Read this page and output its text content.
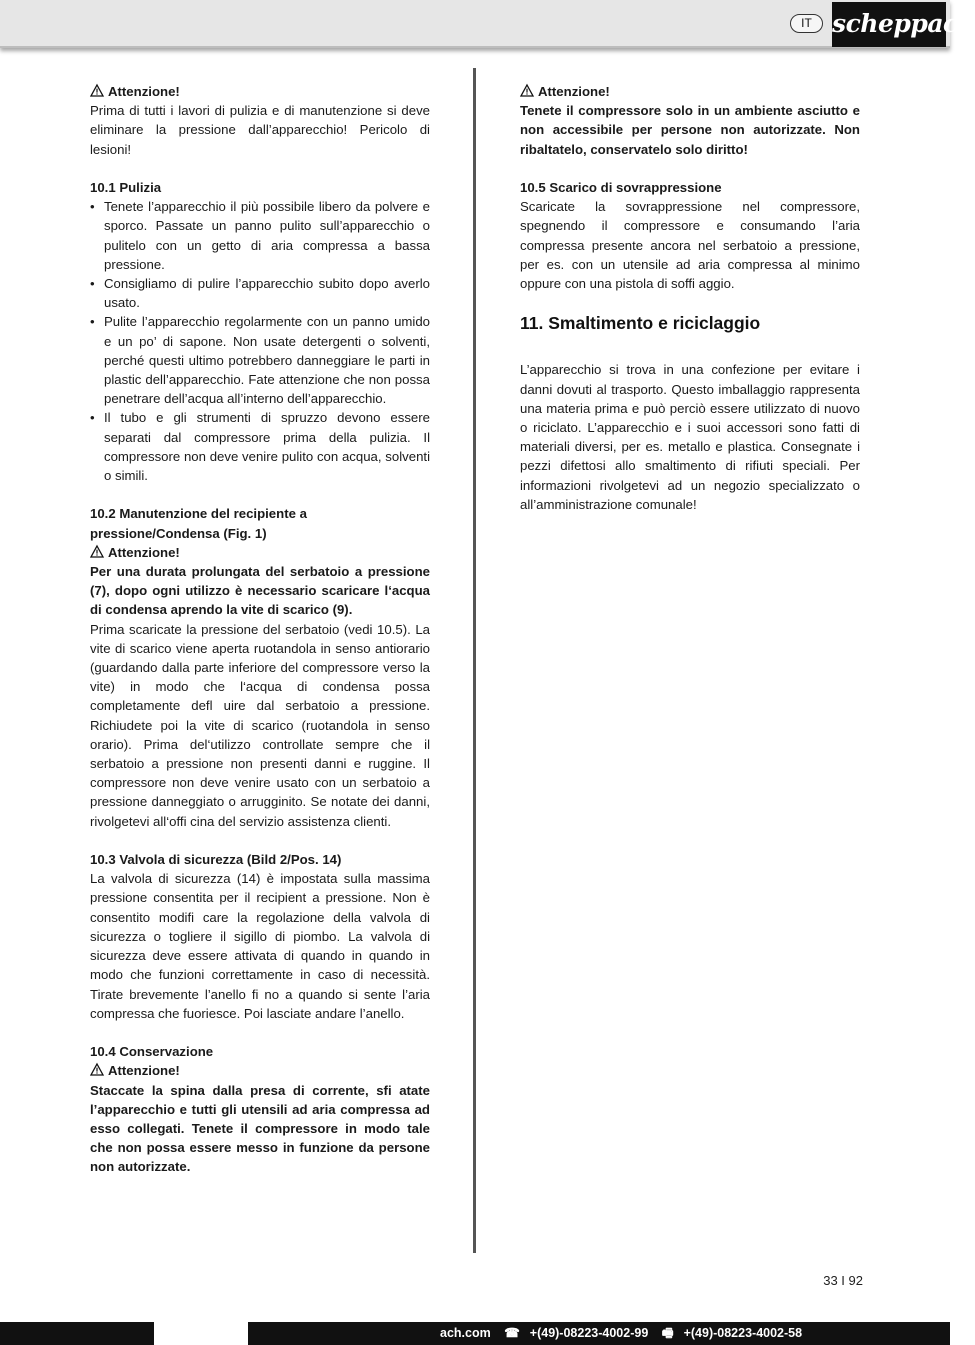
IT scheppach
Attenzione!

Prima di tutti i lavori di pulizia e di manutenzione si deve eliminare la pressione dall’apparecchio! Pericolo di lesioni!

10.1 Pulizia
• Tenete l’apparecchio il più possibile libero da polvere e sporco. Passate un panno pulito sull’apparecchio o pulitelo con un getto di aria compressa a bassa pressione.
• Consigliamo di pulire l’apparecchio subito dopo averlo usato.
• Pulite l’apparecchio regolarmente con un panno umido e un po’ di sapone. Non usate detergenti o solventi, perché questi ultimo potrebbero danneggiare le parti in plastic dell’apparecchio. Fate attenzione che non possa penetrare dell’acqua all’interno dell’apparecchio.
• Il tubo e gli strumenti di spruzzo devono essere separati dal compressore prima della pulizia. Il compressore non deve venire pulito con acqua, solventi o simili.
10.2 Manutenzione del recipiente a pressione/Condensa (Fig. 1)
Attenzione!

Per una durata prolungata del serbatoio a pressione (7), dopo ogni utilizzo è necessario scaricare l‘acqua di condensa aprendo la vite di scarico (9).

Prima scaricate la pressione del serbatoio (vedi 10.5). La vite di scarico viene aperta ruotandola in senso antiorario (guardando dalla parte inferiore del compressore verso la vite) in modo che l‘acqua di condensa possa completamente defl uire dal serbatoio a pressione. Richiudete poi la vite di scarico (ruotandola in senso orario). Prima del‘utilizzo controllate sempre che il serbatoio a pressione non presenti danni e ruggine. Il compressore non deve venire usato con un serbatoio a pressione danneggiato o arrugginito. Se notate dei danni, rivolgetevi all‘offi cina del servizio assistenza clienti.

10.3 Valvola di sicurezza (Bild 2/Pos. 14)

La valvola di sicurezza (14) è impostata sulla massima pressione consentita per il recipient a pressione. Non è consentito modifi care la regolazione della valvola di sicurezza o togliere il sigillo di piombo. La valvola di sicurezza deve essere attivata di quando in quando in modo che funzioni correttamente in caso di necessità. Tirate brevemente l’anello fi no a quando si sente l’aria compressa che fuoriesce. Poi lasciate andare l’anello.

10.4 Conservazione
Attenzione!

Staccate la spina dalla presa di corrente, sfi atate l’apparecchio e tutti gli utensili ad aria compressa ad esso collegati. Tenete il compressore in modo tale che non possa essere messo in funzione da persone non autorizzate.

Attenzione!

Tenete il compressore solo in un ambiente asciutto e non accessibile per persone non autorizzate. Non ribaltatelo, conservatelo solo diritto!

10.5 Scarico di sovrappressione

Scaricate la sovrappressione nel compressore, spegnendo il compressore e consumando l’aria compressa presente ancora nel serbatoio a pressione, per es. con un utensile ad aria compressa al minimo oppure con una pistola di soffi aggio.

11. Smaltimento e riciclaggio

L’apparecchio si trova in una confezione per evitare i danni dovuti al trasporto. Questo imballaggio rappresenta una materia prima e può perciò essere utilizzato di nuovo o riciclato. L’apparecchio e i suoi accessori sono fatti di materiali diversi, per es. metallo e plastica. Consegnate i pezzi difettosi allo smaltimento di rifiuti speciali. Per informazioni rivolgetevi ad un negozio specializzato o all’amministrazione comunale!

33 I 92
ach.com ☎ +(49)-08223-4002-99 🖷 +(49)-08223-4002-58
